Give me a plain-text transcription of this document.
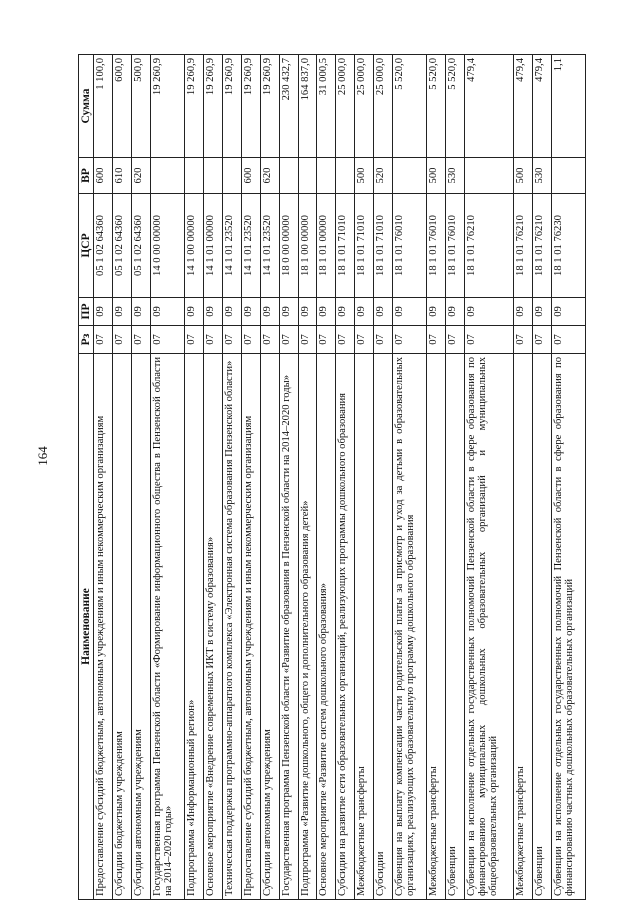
164
Наименование	Рз	ПР	ЦСР	ВР	Сумма
Предоставление субсидий бюджетным, автономным учреждениям и иным некоммерческим организациям	07	09	05 1 02 64360	600	1 100,0
Субсидии бюджетным учреждениям	07	09	05 1 02 64360	610	600,0
Субсидии автономным учреждениям	07	09	05 1 02 64360	620	500,0
Государственная программа Пензенской области «Формирование информационного общества в Пензенской области на 2014–2020 годы»	07	09	14 0 00 00000		19 260,9
Подпрограмма «Информационный регион»	07	09	14 1 00 00000		19 260,9
Основное мероприятие «Внедрение современных ИКТ в систему образования»	07	09	14 1 01 00000		19 260,9
Техническая поддержка программно-аппаратного комплекса «Электронная система образования Пензенской области»	07	09	14 1 01 23520		19 260,9
Предоставление субсидий бюджетным, автономным учреждениям и иным некоммерческим организациям	07	09	14 1 01 23520	600	19 260,9
Субсидии автономным учреждениям	07	09	14 1 01 23520	620	19 260,9
Государственная программа Пензенской области «Развитие образования в Пензенской области на 2014–2020 годы»	07	09	18 0 00 00000		230 432,7
Подпрограмма «Развитие дошкольного, общего и дополнительного образования детей»	07	09	18 1 00 00000		164 837,0
Основное мероприятие «Развитие систем дошкольного образования»	07	09	18 1 01 00000		31 000,5
Субсидии на развитие сети образовательных организаций, реализующих программы дошкольного образования	07	09	18 1 01 71010		25 000,0
Межбюджетные трансферты	07	09	18 1 01 71010	500	25 000,0
Субсидии	07	09	18 1 01 71010	520	25 000,0
Субвенция на выплату компенсации части родительской платы за присмотр и уход за детьми в образовательных организациях, реализующих образовательную программу дошкольного образования	07	09	18 1 01 76010		5 520,0
Межбюджетные трансферты	07	09	18 1 01 76010	500	5 520,0
Субвенции	07	09	18 1 01 76010	530	5 520,0
Субвенции на исполнение отдельных государственных полномочий Пензенской области в сфере образования по финансированию муниципальных дошкольных образовательных организаций и муниципальных общеобразовательных организаций	07	09	18 1 01 76210		479,4
Межбюджетные трансферты	07	09	18 1 01 76210	500	479,4
Субвенции	07	09	18 1 01 76210	530	479,4
Субвенции на исполнение отдельных государственных полномочий Пензенской области в сфере образования по финансированию частных дошкольных образовательных организаций	07	09	18 1 01 76230		1,1
